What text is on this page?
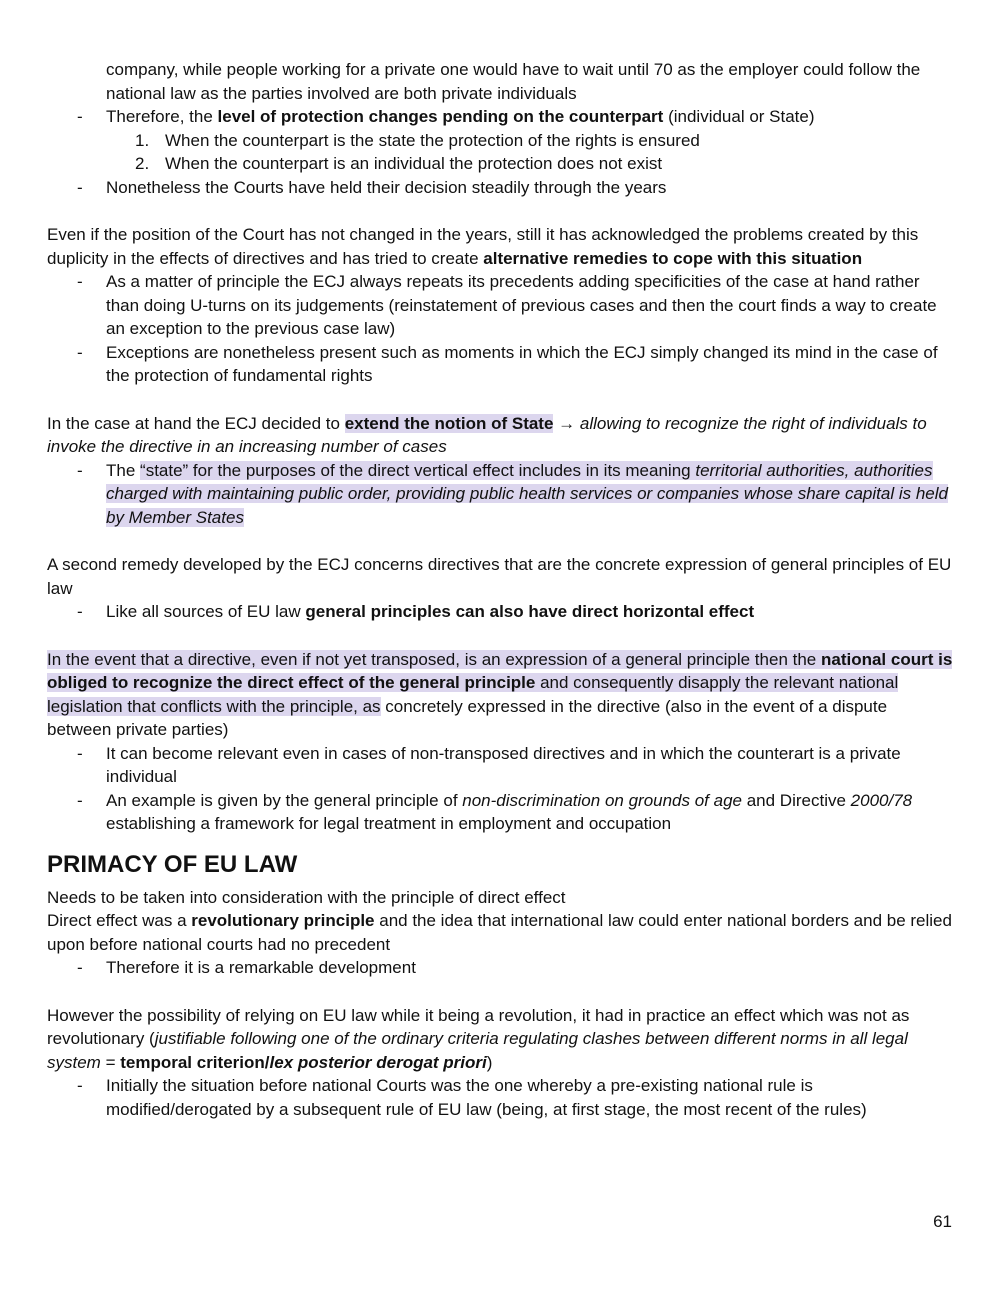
company, while people working for a private one would have to wait until 70 as the employer could follow the national law as the parties involved are both private individuals

- Therefore, the level of protection changes pending on the counterpart (individual or State)

1. When the counterpart is the state the protection of the rights is ensured

2. When the counterpart is an individual the protection does not exist

- Nonetheless the Courts have held their decision steadily through the years

Even if the position of the Court has not changed in the years, still it has acknowledged the problems created by this duplicity in the effects of directives and has tried to create alternative remedies to cope with this situation

- As a matter of principle the ECJ always repeats its precedents adding specificities of the case at hand rather than doing U-turns on its judgements (reinstatement of previous cases and then the court finds a way to create an exception to the previous case law)

- Exceptions are nonetheless present such as moments in which the ECJ simply changed its mind in the case of the protection of fundamental rights

In the case at hand the ECJ decided to extend the notion of State → allowing to recognize the right of individuals to invoke the directive in an increasing number of cases

- The “state” for the purposes of the direct vertical effect includes in its meaning territorial authorities, authorities charged with maintaining public order, providing public health services or companies whose share capital is held by Member States

A second remedy developed by the ECJ concerns directives that are the concrete expression of general principles of EU law

- Like all sources of EU law general principles can also have direct horizontal effect

In the event that a directive, even if not yet transposed, is an expression of a general principle then the national court is obliged to recognize the direct effect of the general principle and consequently disapply the relevant national legislation that conflicts with the principle, as concretely expressed in the directive (also in the event of a dispute between private parties)

- It can become relevant even in cases of non-transposed directives and in which the counterart is a private individual

- An example is given by the general principle of non-discrimination on grounds of age and Directive 2000/78 establishing a framework for legal treatment in employment and occupation

PRIMACY OF EU LAW

Needs to be taken into consideration with the principle of direct effect

Direct effect was a revolutionary principle and the idea that international law could enter national borders and be relied upon before national courts had no precedent

- Therefore it is a remarkable development

However the possibility of relying on EU law while it being a revolution, it had in practice an effect which was not as revolutionary (justifiable following one of the ordinary criteria regulating clashes between different norms in all legal system = temporal criterion/lex posterior derogat priori)

- Initially the situation before national Courts was the one whereby a pre-existing national rule is modified/derogated by a subsequent rule of EU law (being, at first stage, the most recent of the rules)

61
